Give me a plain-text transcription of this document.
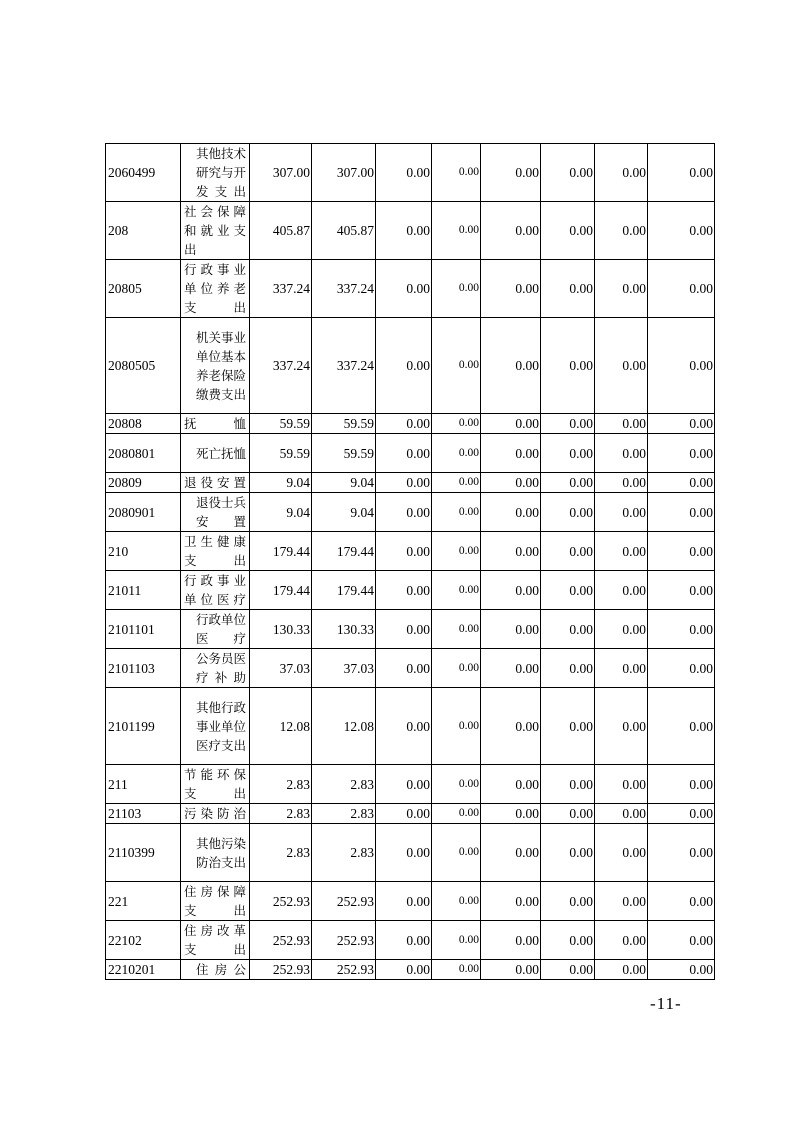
2060499	其他技术研究与开发支出	307.00	307.00	0.00	0.00	0.00	0.00	0.00	0.00
208	社会保障和就业支出	405.87	405.87	0.00	0.00	0.00	0.00	0.00	0.00
20805	行政事业单位养老支出	337.24	337.24	0.00	0.00	0.00	0.00	0.00	0.00
2080505	机关事业单位基本养老保险缴费支出	337.24	337.24	0.00	0.00	0.00	0.00	0.00	0.00
20808	抚恤	59.59	59.59	0.00	0.00	0.00	0.00	0.00	0.00
2080801	死亡抚恤	59.59	59.59	0.00	0.00	0.00	0.00	0.00	0.00
20809	退役安置	9.04	9.04	0.00	0.00	0.00	0.00	0.00	0.00
2080901	退役士兵安置	9.04	9.04	0.00	0.00	0.00	0.00	0.00	0.00
210	卫生健康支出	179.44	179.44	0.00	0.00	0.00	0.00	0.00	0.00
21011	行政事业单位医疗	179.44	179.44	0.00	0.00	0.00	0.00	0.00	0.00
2101101	行政单位医疗	130.33	130.33	0.00	0.00	0.00	0.00	0.00	0.00
2101103	公务员医疗补助	37.03	37.03	0.00	0.00	0.00	0.00	0.00	0.00
2101199	其他行政事业单位医疗支出	12.08	12.08	0.00	0.00	0.00	0.00	0.00	0.00
211	节能环保支出	2.83	2.83	0.00	0.00	0.00	0.00	0.00	0.00
21103	污染防治	2.83	2.83	0.00	0.00	0.00	0.00	0.00	0.00
2110399	其他污染防治支出	2.83	2.83	0.00	0.00	0.00	0.00	0.00	0.00
221	住房保障支出	252.93	252.93	0.00	0.00	0.00	0.00	0.00	0.00
22102	住房改革支出	252.93	252.93	0.00	0.00	0.00	0.00	0.00	0.00
2210201	住房公	252.93	252.93	0.00	0.00	0.00	0.00	0.00	0.00
-11-
